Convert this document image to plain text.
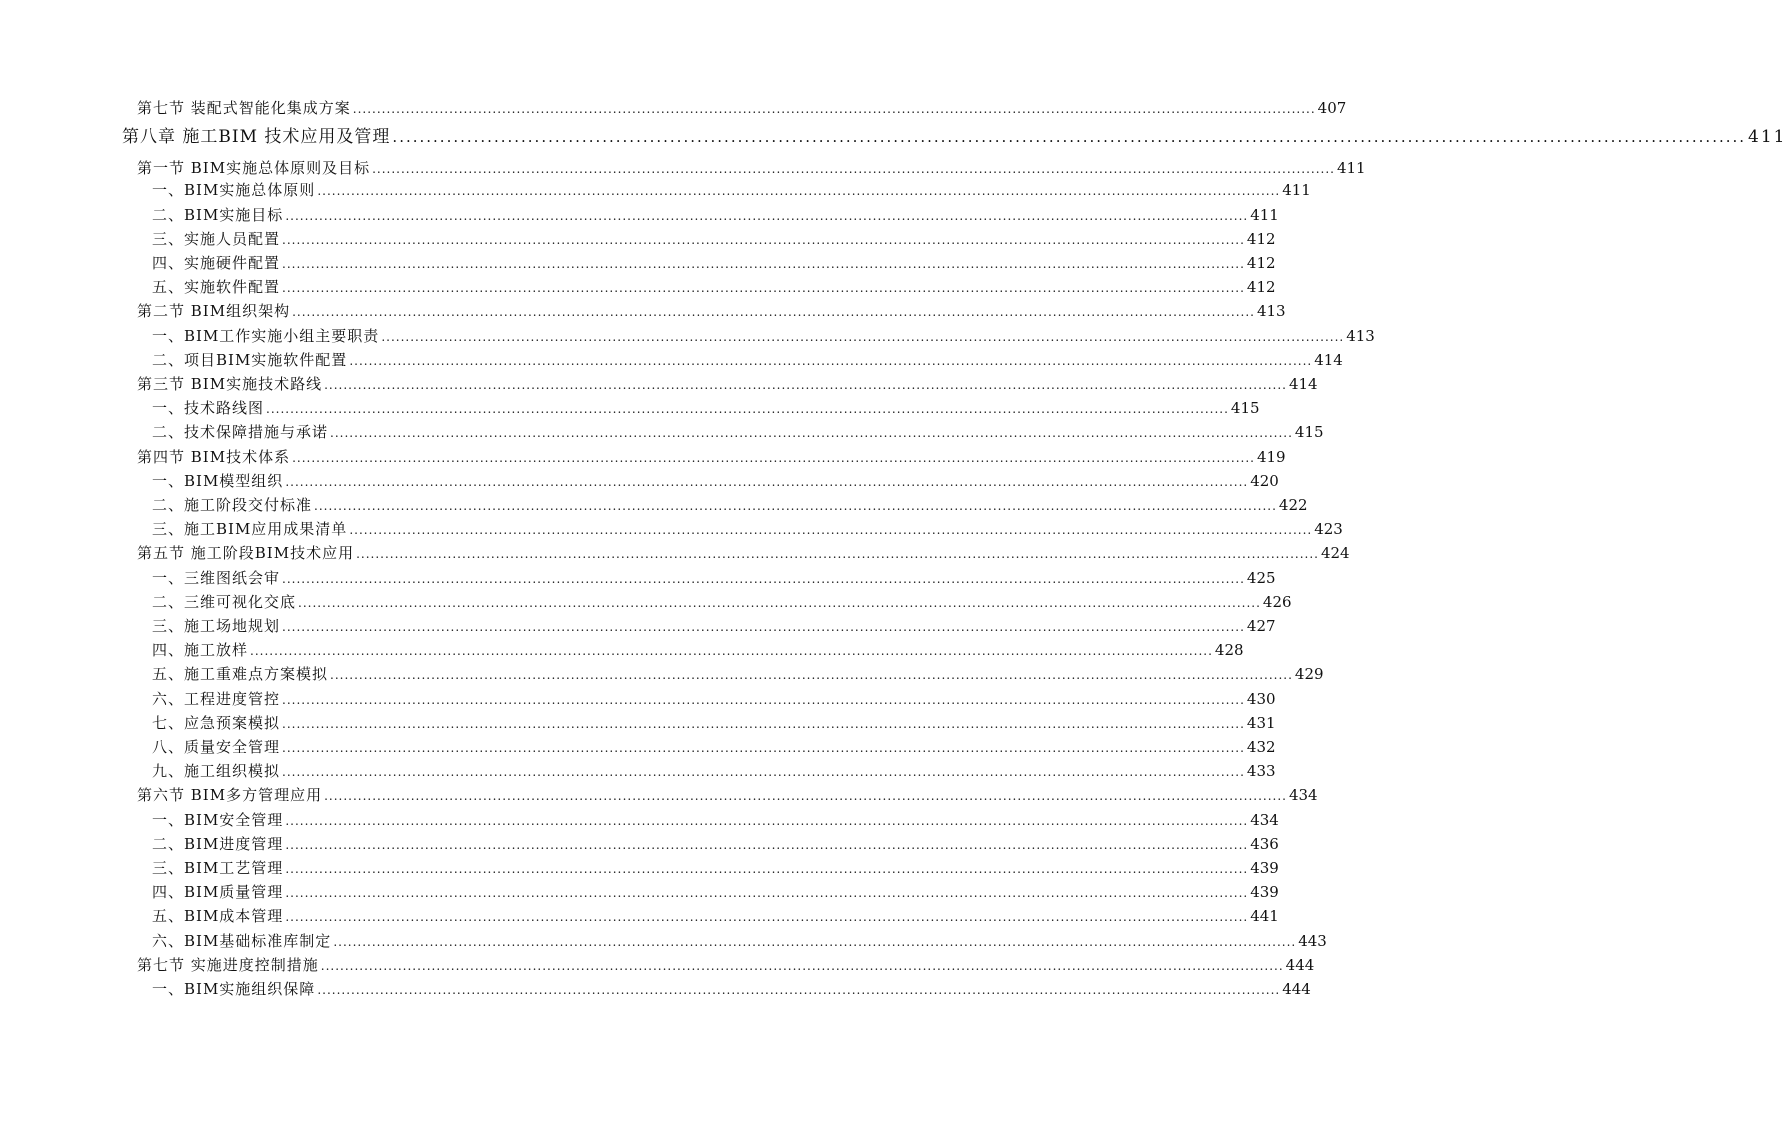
第七节 装配式智能化集成方案 ........................................................................................................................................................................................................ 407
第八章 施工BIM 技术应用及管理 ........................................................................................................................................................................................................ 411
第一节 BIM实施总体原则及目标 ........................................................................................................................................................................................................ 411
一、BIM实施总体原则 ........................................................................................................................................................................................................ 411
二、BIM实施目标 ........................................................................................................................................................................................................ 411
三、实施人员配置 ........................................................................................................................................................................................................ 412
四、实施硬件配置 ........................................................................................................................................................................................................ 412
五、实施软件配置 ........................................................................................................................................................................................................ 412
第二节 BIM组织架构 ........................................................................................................................................................................................................ 413
一、BIM工作实施小组主要职责 ........................................................................................................................................................................................................ 413
二、项目BIM实施软件配置 ........................................................................................................................................................................................................ 414
第三节 BIM实施技术路线 ........................................................................................................................................................................................................ 414
一、技术路线图 ........................................................................................................................................................................................................ 415
二、技术保障措施与承诺 ........................................................................................................................................................................................................ 415
第四节 BIM技术体系 ........................................................................................................................................................................................................ 419
一、BIM模型组织 ........................................................................................................................................................................................................ 420
二、施工阶段交付标准 ........................................................................................................................................................................................................ 422
三、施工BIM应用成果清单 ........................................................................................................................................................................................................ 423
第五节 施工阶段BIM技术应用 ........................................................................................................................................................................................................ 424
一、三维图纸会审 ........................................................................................................................................................................................................ 425
二、三维可视化交底 ........................................................................................................................................................................................................ 426
三、施工场地规划 ........................................................................................................................................................................................................ 427
四、施工放样 ........................................................................................................................................................................................................ 428
五、施工重难点方案模拟 ........................................................................................................................................................................................................ 429
六、工程进度管控 ........................................................................................................................................................................................................ 430
七、应急预案模拟 ........................................................................................................................................................................................................ 431
八、质量安全管理 ........................................................................................................................................................................................................ 432
九、施工组织模拟 ........................................................................................................................................................................................................ 433
第六节 BIM多方管理应用 ........................................................................................................................................................................................................ 434
一、BIM安全管理 ........................................................................................................................................................................................................ 434
二、BIM进度管理 ........................................................................................................................................................................................................ 436
三、BIM工艺管理 ........................................................................................................................................................................................................ 439
四、BIM质量管理 ........................................................................................................................................................................................................ 439
五、BIM成本管理 ........................................................................................................................................................................................................ 441
六、BIM基础标准库制定 ........................................................................................................................................................................................................ 443
第七节 实施进度控制措施 ........................................................................................................................................................................................................ 444
一、BIM实施组织保障 ........................................................................................................................................................................................................ 444
